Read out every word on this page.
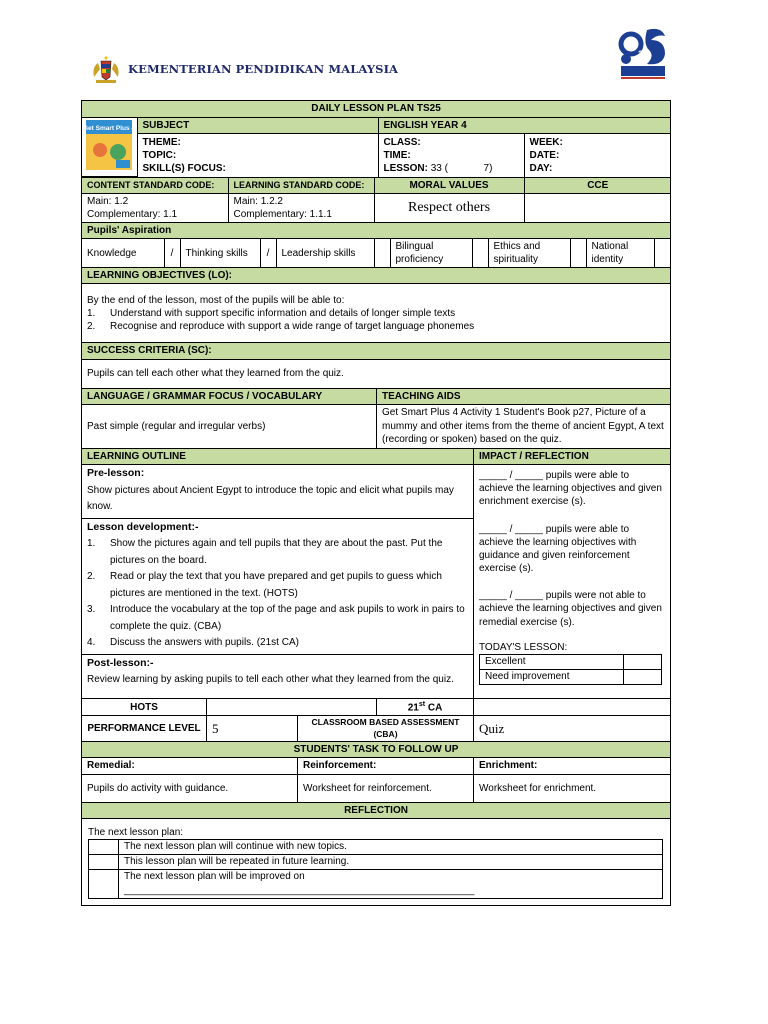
KEMENTERIAN PENDIDIKAN MALAYSIA
25
DAILY LESSON PLAN TS25

Get Smart Plus 4	SUBJECT	ENGLISH YEAR 4

THEME:
TOPIC:
SKILL(S) FOCUS:

CLASS:
TIME:
LESSON: 33 (	7)

WEEK:
DATE:
DAY:

CONTENT STANDARD CODE:	LEARNING STANDARD CODE:	MORAL VALUES	CCE

Main: 1.2
Complementary: 1.1

Main: 1.2.2
Complementary: 1.1.1	Respect others	

Pupils' Aspiration

Knowledge	/	Thinking skills	/	Leadership skills		Bilingual proficiency		Ethics and spirituality		National identity	

LEARNING OBJECTIVES (LO):

By the end of the lesson, most of the pupils will be able to:
1. Understand with support specific information and details of longer simple texts
2. Recognise and reproduce with support a wide range of target language phonemes

SUCCESS CRITERIA (SC):
Pupils can tell each other what they learned from the quiz.
LANGUAGE / GRAMMAR FOCUS / VOCABULARY	TEACHING AIDS
Past simple (regular and irregular verbs)	Get Smart Plus 4 Activity 1 Student's Book p27, Picture of a mummy and other items from the theme of ancient Egypt, A text (recording or spoken) based on the quiz.
LEARNING OUTLINE	IMPACT / REFLECTION

Pre-lesson:
Show pictures about Ancient Egypt to introduce the topic and elicit what pupils may know.

Lesson development:-
1. Show the pictures again and tell pupils that they are about the past. Put the pictures on the board.
2. Read or play the text that you have prepared and get pupils to guess which pictures are mentioned in the text. (HOTS)
3. Introduce the vocabulary at the top of the page and ask pupils to work in pairs to complete the quiz. (CBA)
4. Discuss the answers with pupils. (21st CA)

Post-lesson:-
Review learning by asking pupils to tell each other what they learned from the quiz.

_____ / _____ pupils were able to achieve the learning objectives and given enrichment exercise (s).
_____ / _____ pupils were able to achieve the learning objectives with guidance and given reinforcement exercise (s).
_____ / _____ pupils were not able to achieve the learning objectives and given remedial exercise (s).
TODAY'S LESSON:
Excellent	
Need improvement	

HOTS		21st CA	
PERFORMANCE LEVEL	5	CLASSROOM BASED ASSESSMENT (CBA)	Quiz
STUDENTS' TASK TO FOLLOW UP
Remedial:	Reinforcement:	Enrichment:
Pupils do activity with guidance.	Worksheet for reinforcement.	Worksheet for enrichment.
REFLECTION

The next lesson plan:
	The next lesson plan will continue with new topics.
	This lesson plan will be repeated in future learning.
	The next lesson plan will be improved on _______________________________________________________________
